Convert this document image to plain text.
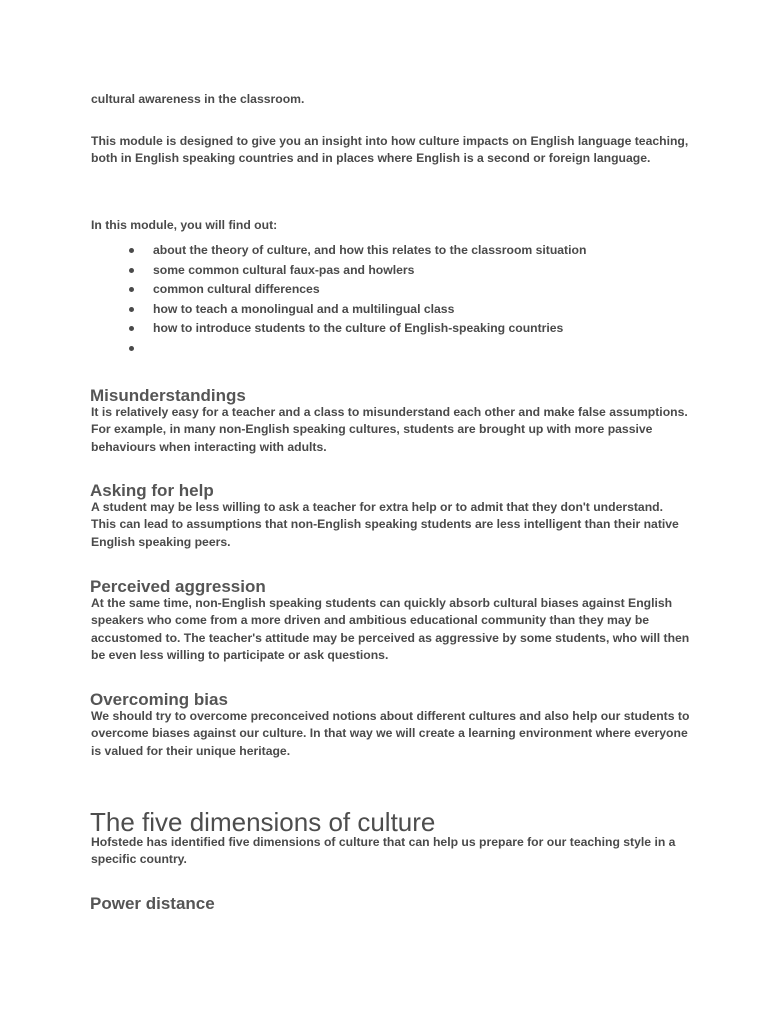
cultural awareness in the classroom.

This module is designed to give you an insight into how culture impacts on English language teaching, both in English speaking countries and in places where English is a second or foreign language.

In this module, you will find out:

about the theory of culture, and how this relates to the classroom situation
some common cultural faux-pas and howlers
common cultural differences
how to teach a monolingual and a multilingual class
how to introduce students to the culture of English-speaking countries
Misunderstandings

It is relatively easy for a teacher and a class to misunderstand each other and make false assumptions. For example, in many non-English speaking cultures, students are brought up with more passive behaviours when interacting with adults.

Asking for help

A student may be less willing to ask a teacher for extra help or to admit that they don't understand. This can lead to assumptions that non-English speaking students are less intelligent than their native English speaking peers.

Perceived aggression

At the same time, non-English speaking students can quickly absorb cultural biases against English speakers who come from a more driven and ambitious educational community than they may be accustomed to. The teacher's attitude may be perceived as aggressive by some students, who will then be even less willing to participate or ask questions.

Overcoming bias

We should try to overcome preconceived notions about different cultures and also help our students to overcome biases against our culture. In that way we will create a learning environment where everyone is valued for their unique heritage.

The five dimensions of culture

Hofstede has identified five dimensions of culture that can help us prepare for our teaching style in a specific country.

Power distance
